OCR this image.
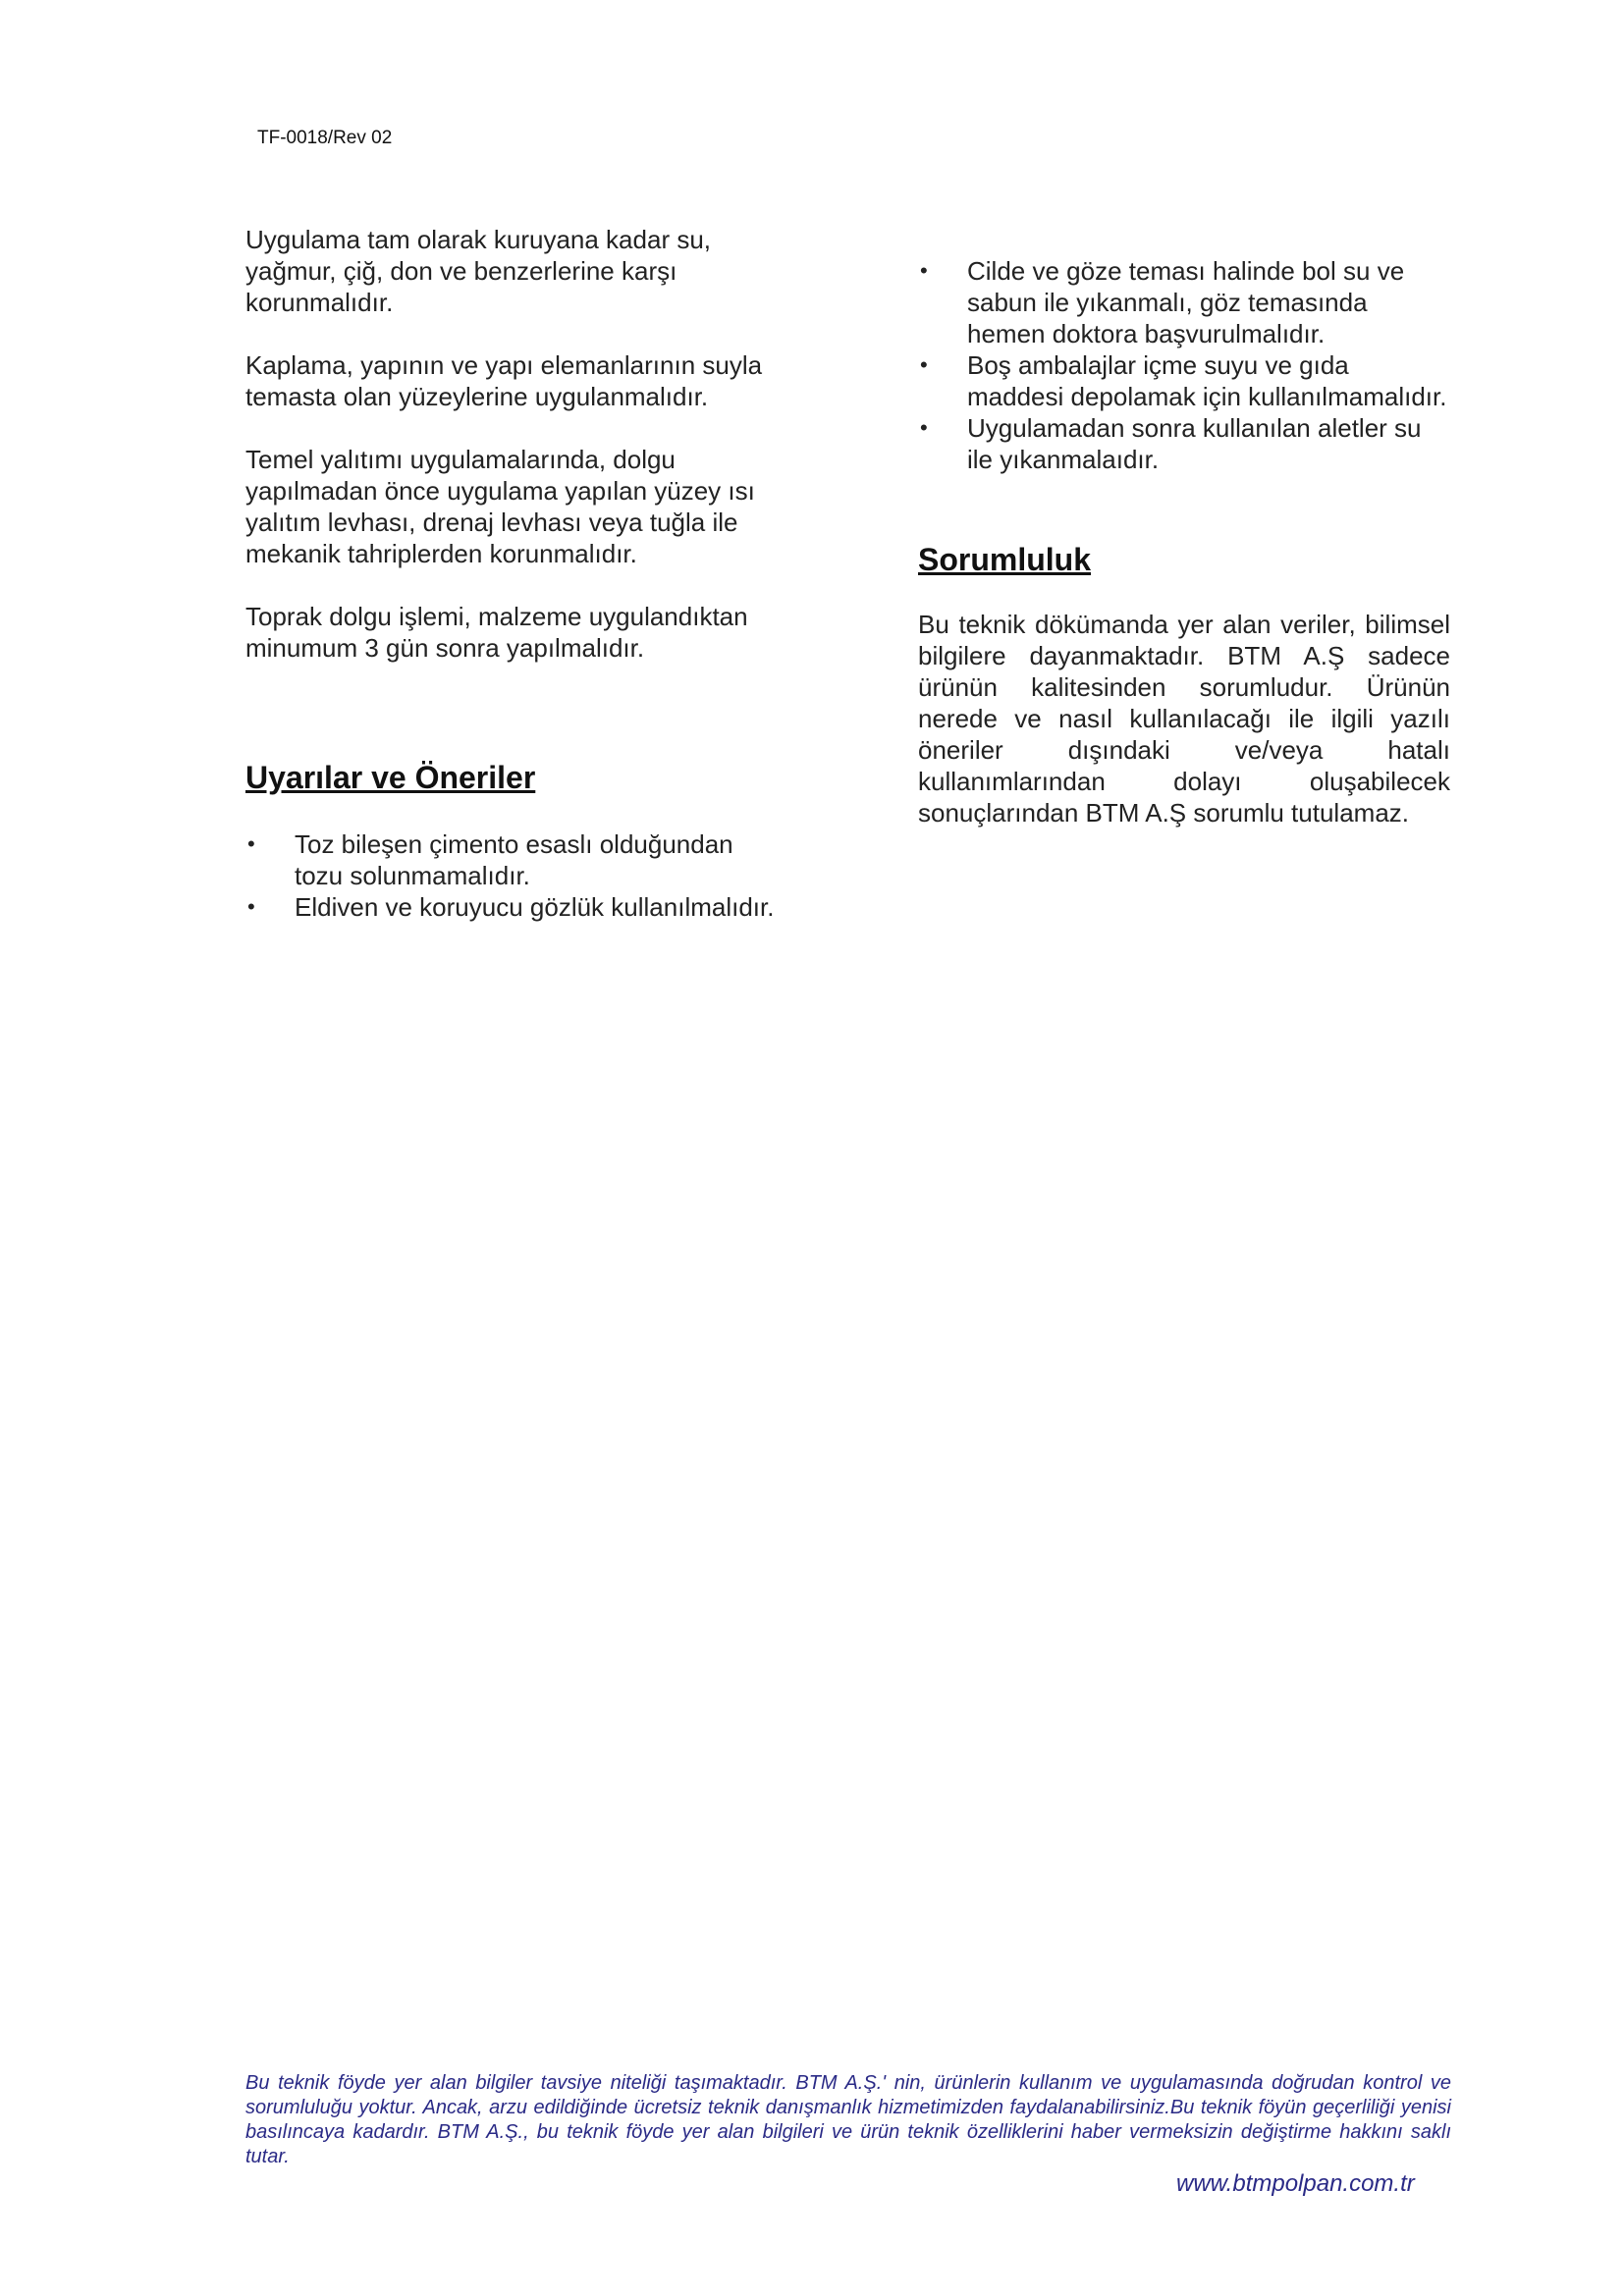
TF-0018/Rev 02

Uygulama tam olarak kuruyana kadar su, yağmur, çiğ, don ve benzerlerine karşı korunmalıdır.

Kaplama, yapının ve yapı elemanlarının suyla temasta olan yüzeylerine uygulanmalıdır.

Temel yalıtımı uygulamalarında, dolgu yapılmadan önce uygulama yapılan yüzey ısı yalıtım levhası, drenaj levhası veya tuğla ile mekanik tahriplerden korunmalıdır.

Toprak dolgu işlemi, malzeme uygulandıktan minumum 3 gün sonra yapılmalıdır.

Uyarılar ve Öneriler
• Toz bileşen çimento esaslı olduğundan tozu solunmamalıdır.
• Eldiven ve koruyucu gözlük kullanılmalıdır.
• Cilde ve göze teması halinde bol su ve sabun ile yıkanmalı, göz temasında hemen doktora başvurulmalıdır.
• Boş ambalajlar içme suyu ve gıda maddesi depolamak için kullanılmamalıdır.
• Uygulamadan sonra kullanılan aletler su ile yıkanmalaıdır.
Sorumluluk

Bu teknik dökümanda yer alan veriler, bilimsel bilgilere dayanmaktadır. BTM A.Ş sadece ürünün kalitesinden sorumludur. Ürünün nerede ve nasıl kullanılacağı ile ilgili yazılı öneriler dışındaki ve/veya hatalı kullanımlarından dolayı oluşabilecek sonuçlarından BTM A.Ş sorumlu tutulamaz.

Bu teknik föyde yer alan bilgiler tavsiye niteliği taşımaktadır. BTM A.Ş.' nin, ürünlerin kullanım ve uygulamasında doğrudan kontrol ve sorumluluğu yoktur. Ancak, arzu edildiğinde ücretsiz teknik danışmanlık hizmetimizden faydalanabilirsiniz.Bu teknik föyün geçerliliği yenisi basılıncaya kadardır. BTM A.Ş., bu teknik föyde yer alan bilgileri ve ürün teknik özelliklerini haber vermeksizin değiştirme hakkını saklı tutar.
www.btmpolpan.com.tr
